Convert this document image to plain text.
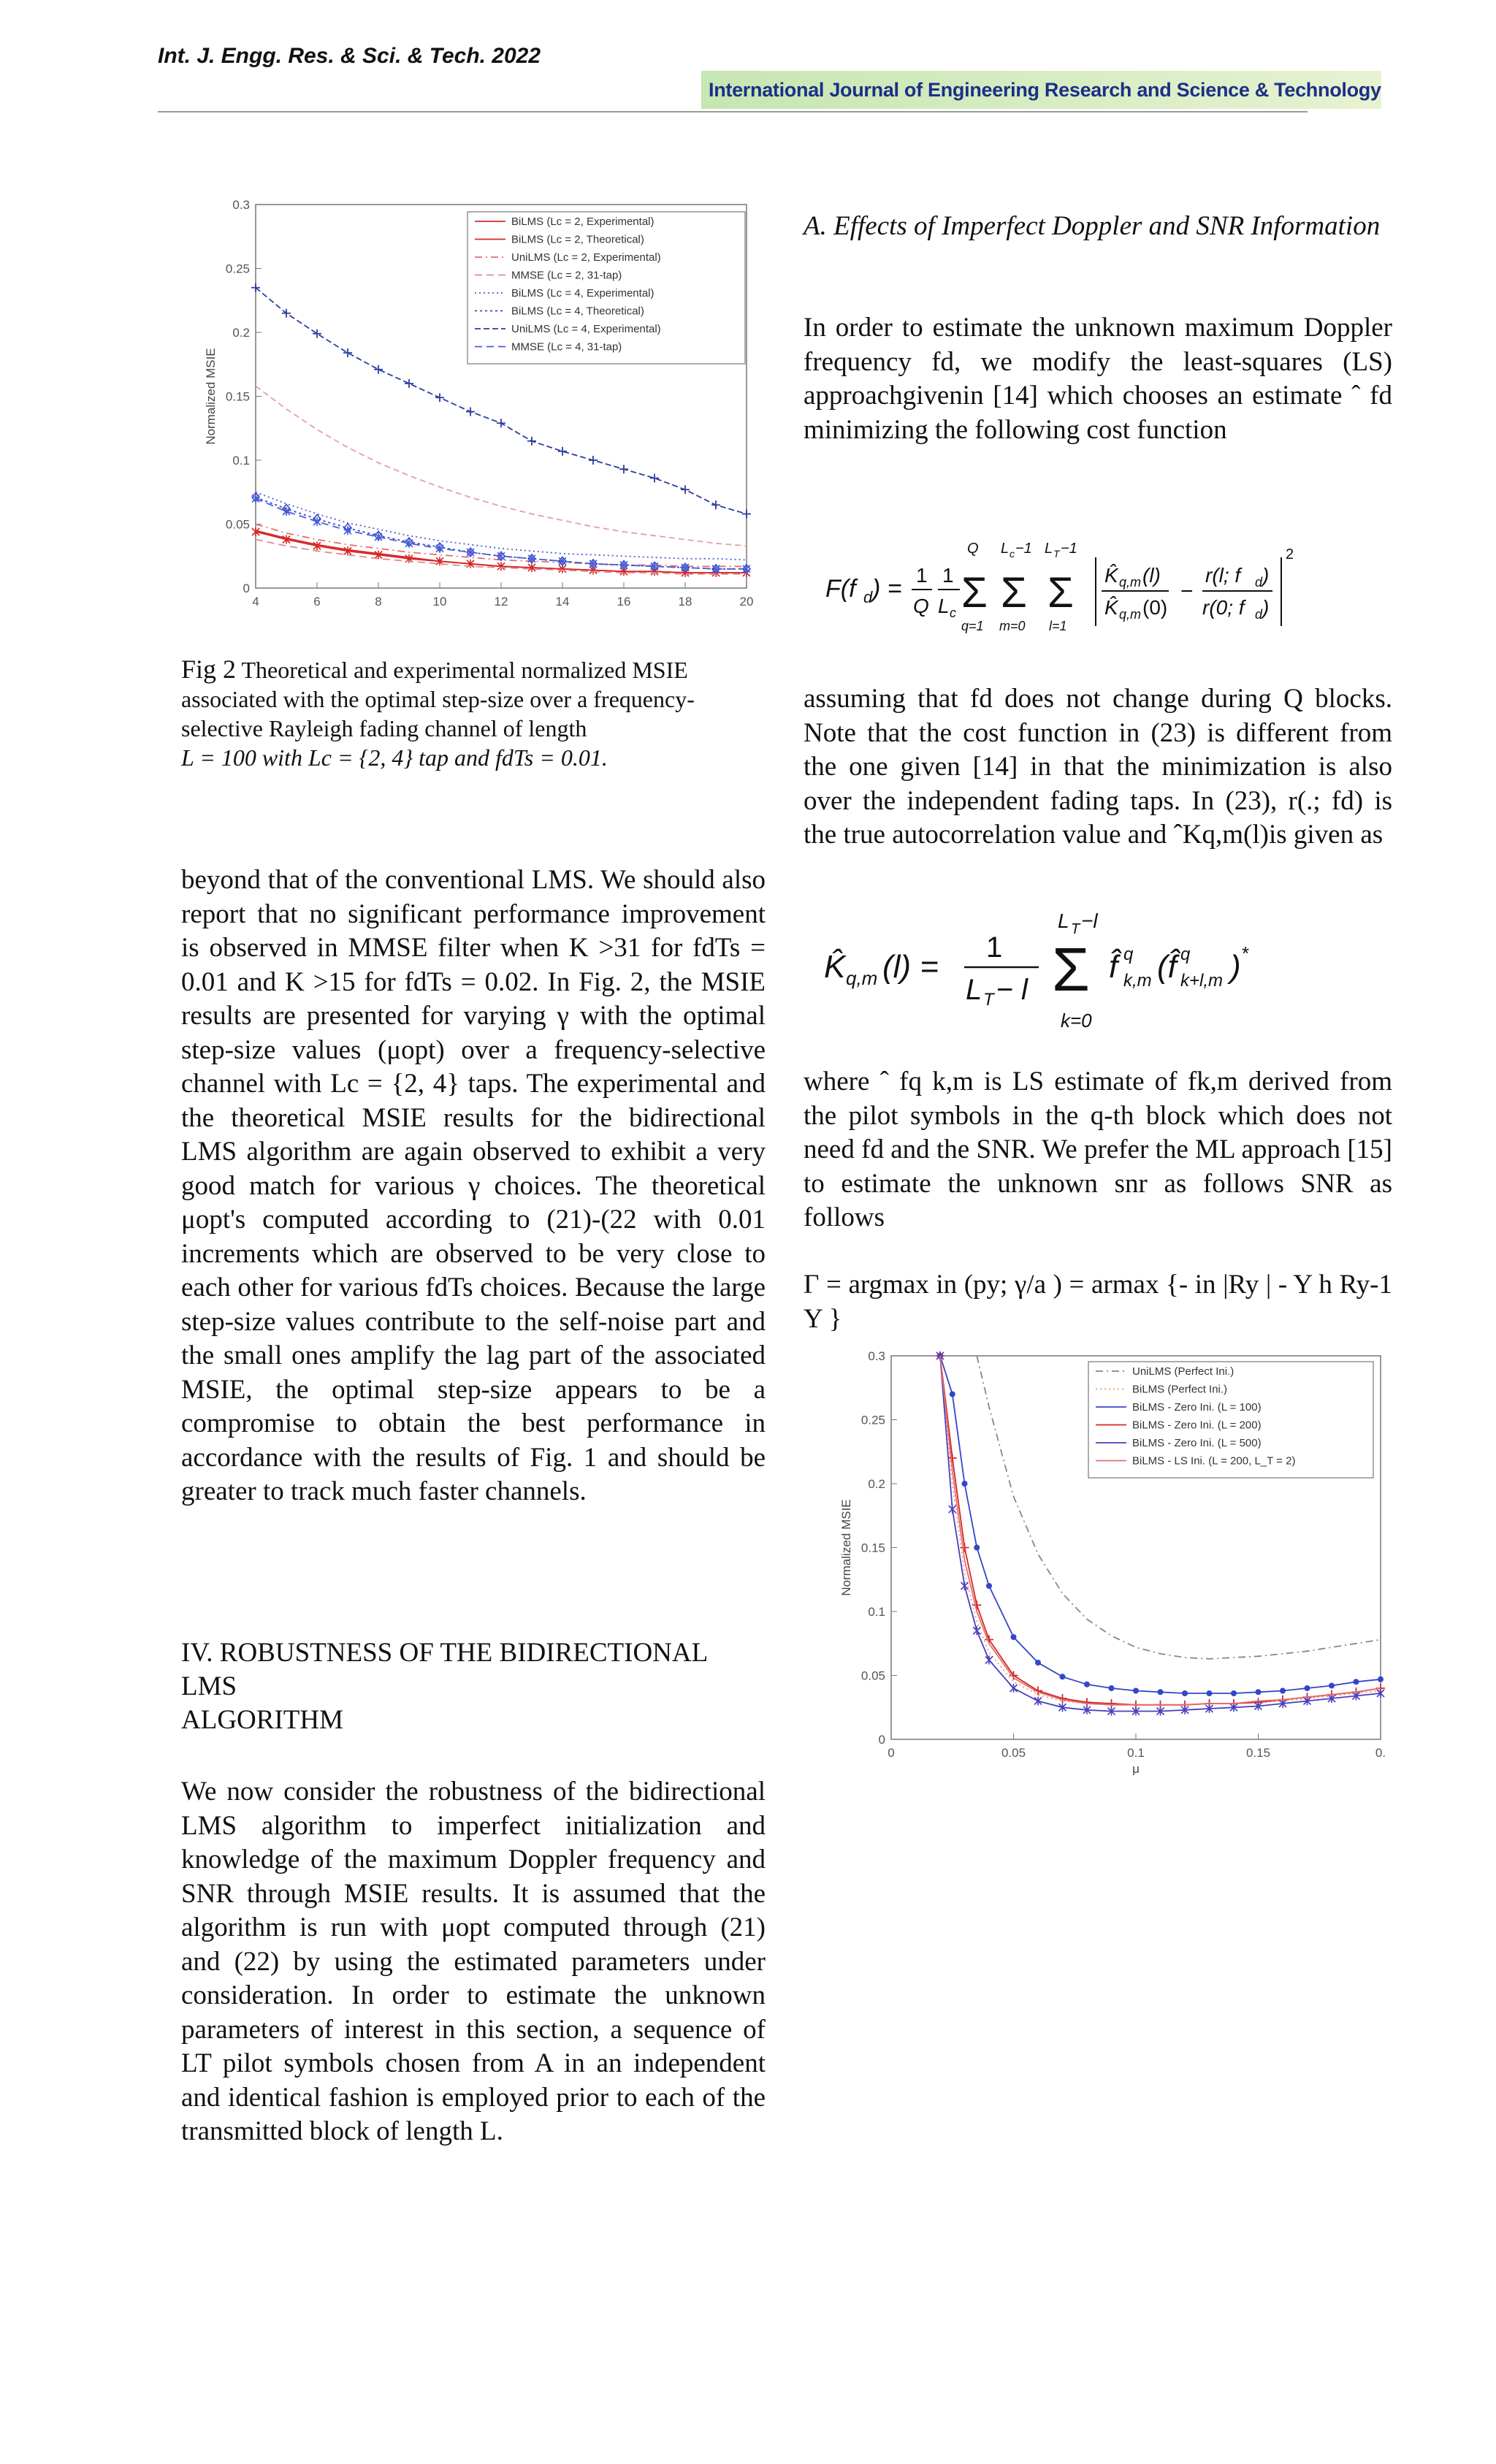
Int. J. Engg. Res. & Sci. & Tech. 2022
International Journal of Engineering Research and Science & Technology
0
0.05
0.1
0.15
0.2
0.25
0.3
4	6	8	10	12	14	16	18	20
Normalized MSIE
BiLMS (Lc = 2, Experimental)
BiLMS (Lc = 2, Theoretical)
UniLMS (Lc = 2, Experimental)
MMSE (Lc = 2, 31-tap)
BiLMS (Lc = 4, Experimental)
BiLMS (Lc = 4, Theoretical)
UniLMS (Lc = 4, Experimental)
MMSE (Lc = 4, 31-tap)
Fig 2 Theoretical and experimental normalized MSIE associated with the optimal step-size over a frequency-selective Rayleigh fading channel of length
L = 100 with Lc = {2, 4} tap and fdTs = 0.01.

beyond that of the conventional LMS. We should also report that no significant performance improvement is observed in MMSE filter when K >31 for fdTs = 0.01 and K >15 for fdTs = 0.02. In Fig. 2, the MSIE results are presented for varying γ with the optimal step-size values (μopt) over a frequency-selective channel with Lc = {2, 4} taps. The experimental and the theoretical MSIE results for the bidirectional LMS algorithm are again observed to exhibit a very good match for various γ choices. The theoretical μopt's computed according to (21)-(22 with 0.01 increments which are observed to be very close to each other for various fdTs choices. Because the large step-size values contribute to the self-noise part and the small ones amplify the lag part of the associated MSIE, the optimal step-size appears to be a compromise to obtain the best performance in accordance with the results of Fig. 1 and should be greater to track much faster channels.

IV. ROBUSTNESS OF THE BIDIRECTIONAL LMS

ALGORITHM

We now consider the robustness of the bidirectional LMS algorithm to imperfect initialization and knowledge of the maximum Doppler frequency and SNR through MSIE results. It is assumed that the algorithm is run with μopt computed through (21) and (22) by using the estimated parameters under consideration. In order to estimate the unknown parameters of interest in this section, a sequence of LT pilot symbols chosen from A in an independent and identical fashion is employed prior to each of the transmitted block of length L.

A. Effects of Imperfect Doppler and SNR Information

In order to estimate the unknown maximum Doppler frequency fd, we modify the least-squares (LS) approachgivenin [14] which chooses an estimate ˆ fd minimizing the following cost function

F(f d ) = 1
Q
1
L c
Q
Σ
q=1
L c −1
Σ
m=0
L T −1
Σ
l=1
K̂ q,m (l)
K̂ q,m (0)
−
r(l; f d )
r(0; f d )
2

assuming that fd does not change during Q blocks. Note that the cost function in (23) is different from the one given [14] in that the minimization is also over the independent fading taps. In (23), r(.; fd) is the true autocorrelation value and ˆKq,m(l)is given as

K̂ q,m (l) =
1
L T − l
L T −l
Σ
k=0
f̂ q
k,m (f̂ q
k+l,m ) *

where ˆ fq k,m is LS estimate of fk,m derived from the pilot symbols in the q-th block which does not need fd and the SNR. We prefer the ML approach [15] to estimate the unknown snr as follows SNR as follows

Γ = argmax in (py; γ/a ) = armax {- in |Ry | - Y h Ry-1 Y }

0
0.05
0.1
0.15
0.2
0.25
0.3
0	0.05	0.1	0.15	0.
Normalized MSIE
μ
UniLMS (Perfect Ini.)
BiLMS (Perfect Ini.)
BiLMS - Zero Ini. (L = 100)
BiLMS - Zero Ini. (L = 200)
BiLMS - Zero Ini. (L = 500)
BiLMS - LS Ini. (L = 200, L_T = 2)
